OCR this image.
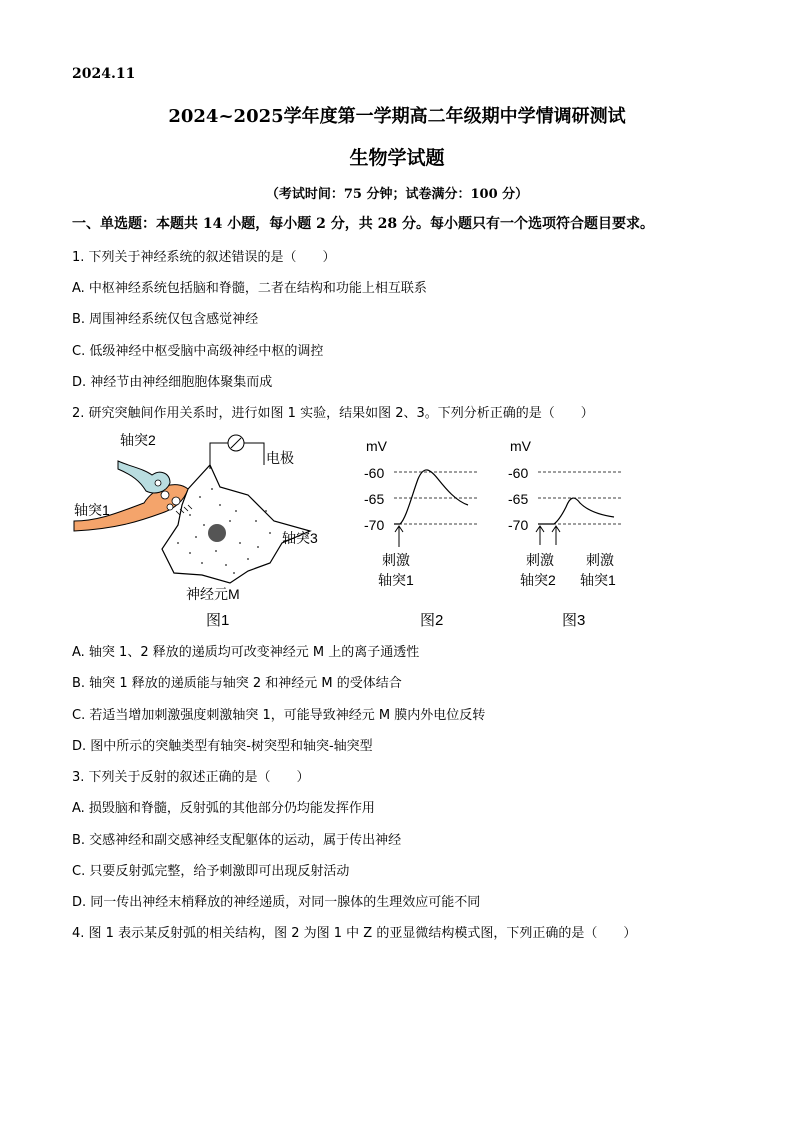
2024.11
2024~2025学年度第一学期高二年级期中学情调研测试
生物学试题
（考试时间：75 分钟；试卷满分：100 分）
一、单选题：本题共 14 小题，每小题 2 分，共 28 分。每小题只有一个选项符合题目要求。
1. 下列关于神经系统的叙述错误的是（　　）
A. 中枢神经系统包括脑和脊髓，二者在结构和功能上相互联系
B. 周围神经系统仅包含感觉神经
C. 低级神经中枢受脑中高级神经中枢的调控
D. 神经节由神经细胞胞体聚集而成
2. 研究突触间作用关系时，进行如图 1 实验，结果如图 2、3。下列分析正确的是（　　）
轴突2
轴突1
轴突3
电极
神经元M
图1
mV
-60
-65
-70
刺激
轴突1
图2
mV
-60
-65
-70
刺激
轴突2
刺激
轴突1
图3
A. 轴突 1、2 释放的递质均可改变神经元 M 上的离子通透性
B. 轴突 1 释放的递质能与轴突 2 和神经元 M 的受体结合
C. 若适当增加刺激强度刺激轴突 1，可能导致神经元 M 膜内外电位反转
D. 图中所示的突触类型有轴突-树突型和轴突-轴突型
3. 下列关于反射的叙述正确的是（　　）
A. 损毁脑和脊髓，反射弧的其他部分仍均能发挥作用
B. 交感神经和副交感神经支配躯体的运动，属于传出神经
C. 只要反射弧完整，给予刺激即可出现反射活动
D. 同一传出神经末梢释放的神经递质，对同一腺体的生理效应可能不同
4. 图 1 表示某反射弧的相关结构，图 2 为图 1 中 Z 的亚显微结构模式图，下列正确的是（　　）
